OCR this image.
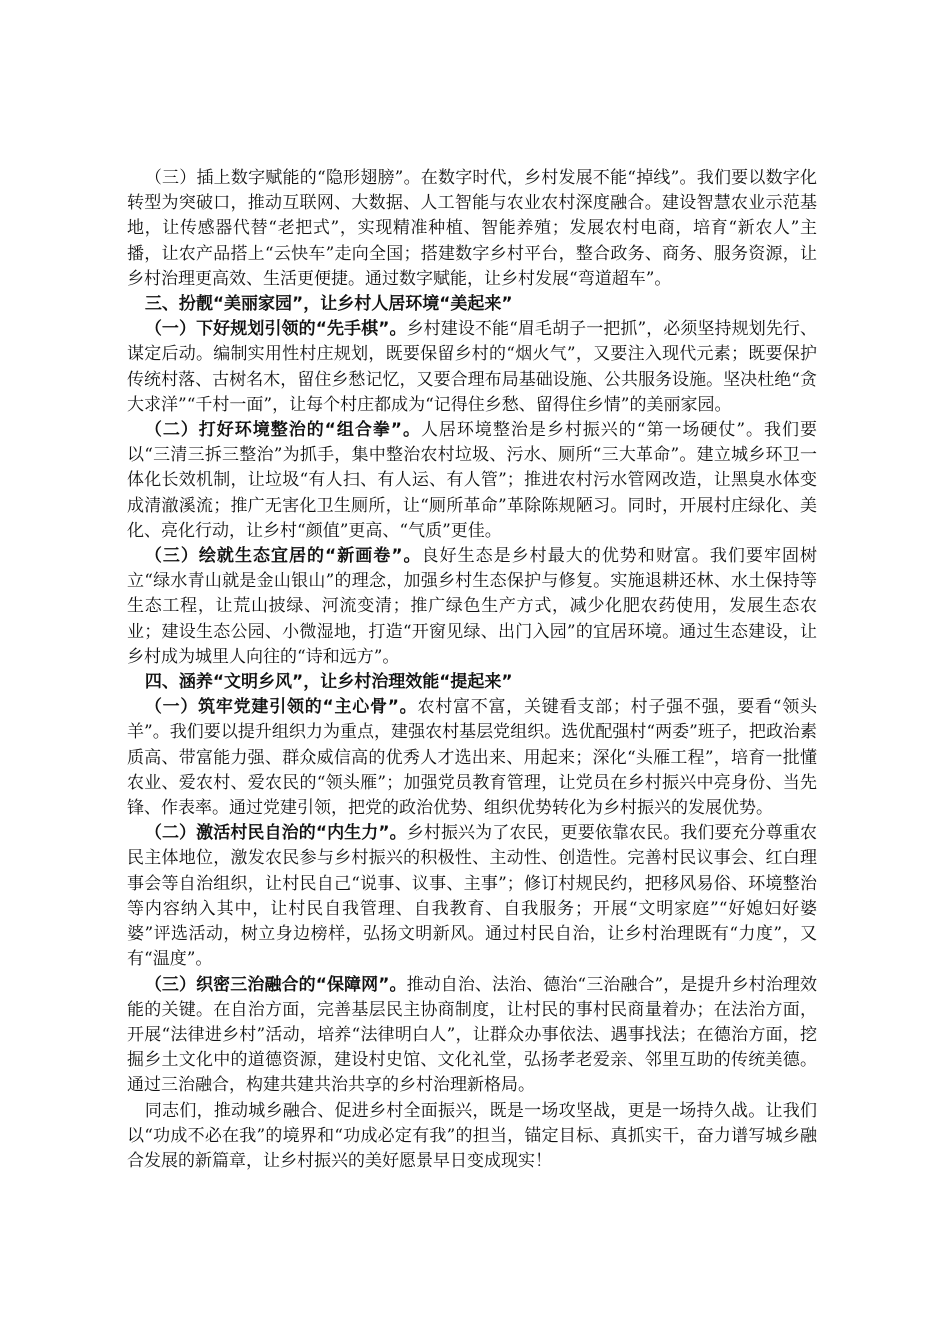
（三）插上数字赋能的“隐形翅膀”。在数字时代，乡村发展不能“掉线”。我们要以数字化转型为突破口，推动互联网、大数据、人工智能与农业农村深度融合。建设智慧农业示范基地，让传感器代替“老把式”，实现精准种植、智能养殖；发展农村电商，培育“新农人”主播，让农产品搭上“云快车”走向全国；搭建数字乡村平台，整合政务、商务、服务资源，让乡村治理更高效、生活更便捷。通过数字赋能，让乡村发展“弯道超车”。

三、扮靓“美丽家园”，让乡村人居环境“美起来”

（一）下好规划引领的“先手棋”。乡村建设不能“眉毛胡子一把抓”，必须坚持规划先行、谋定后动。编制实用性村庄规划，既要保留乡村的“烟火气”，又要注入现代元素；既要保护传统村落、古树名木，留住乡愁记忆，又要合理布局基础设施、公共服务设施。坚决杜绝“贪大求洋”“千村一面”，让每个村庄都成为“记得住乡愁、留得住乡情”的美丽家园。

（二）打好环境整治的“组合拳”。人居环境整治是乡村振兴的“第一场硬仗”。我们要以“三清三拆三整治”为抓手，集中整治农村垃圾、污水、厕所“三大革命”。建立城乡环卫一体化长效机制，让垃圾“有人扫、有人运、有人管”；推进农村污水管网改造，让黑臭水体变成清澈溪流；推广无害化卫生厕所，让“厕所革命”革除陈规陋习。同时，开展村庄绿化、美化、亮化行动，让乡村“颜值”更高、“气质”更佳。

（三）绘就生态宜居的“新画卷”。良好生态是乡村最大的优势和财富。我们要牢固树立“绿水青山就是金山银山”的理念，加强乡村生态保护与修复。实施退耕还林、水土保持等生态工程，让荒山披绿、河流变清；推广绿色生产方式，减少化肥农药使用，发展生态农业；建设生态公园、小微湿地，打造“开窗见绿、出门入园”的宜居环境。通过生态建设，让乡村成为城里人向往的“诗和远方”。

四、涵养“文明乡风”，让乡村治理效能“提起来”

（一）筑牢党建引领的“主心骨”。农村富不富，关键看支部；村子强不强，要看“领头羊”。我们要以提升组织力为重点，建强农村基层党组织。选优配强村“两委”班子，把政治素质高、带富能力强、群众威信高的优秀人才选出来、用起来；深化“头雁工程”，培育一批懂农业、爱农村、爱农民的“领头雁”；加强党员教育管理，让党员在乡村振兴中亮身份、当先锋、作表率。通过党建引领，把党的政治优势、组织优势转化为乡村振兴的发展优势。

（二）激活村民自治的“内生力”。乡村振兴为了农民，更要依靠农民。我们要充分尊重农民主体地位，激发农民参与乡村振兴的积极性、主动性、创造性。完善村民议事会、红白理事会等自治组织，让村民自己“说事、议事、主事”；修订村规民约，把移风易俗、环境整治等内容纳入其中，让村民自我管理、自我教育、自我服务；开展“文明家庭”“好媳妇好婆婆”评选活动，树立身边榜样，弘扬文明新风。通过村民自治，让乡村治理既有“力度”，又有“温度”。

（三）织密三治融合的“保障网”。推动自治、法治、德治“三治融合”，是提升乡村治理效能的关键。在自治方面，完善基层民主协商制度，让村民的事村民商量着办；在法治方面，开展“法律进乡村”活动，培养“法律明白人”，让群众办事依法、遇事找法；在德治方面，挖掘乡土文化中的道德资源，建设村史馆、文化礼堂，弘扬孝老爱亲、邻里互助的传统美德。通过三治融合，构建共建共治共享的乡村治理新格局。

同志们，推动城乡融合、促进乡村全面振兴，既是一场攻坚战，更是一场持久战。让我们以“功成不必在我”的境界和“功成必定有我”的担当，锚定目标、真抓实干，奋力谱写城乡融合发展的新篇章，让乡村振兴的美好愿景早日变成现实！
